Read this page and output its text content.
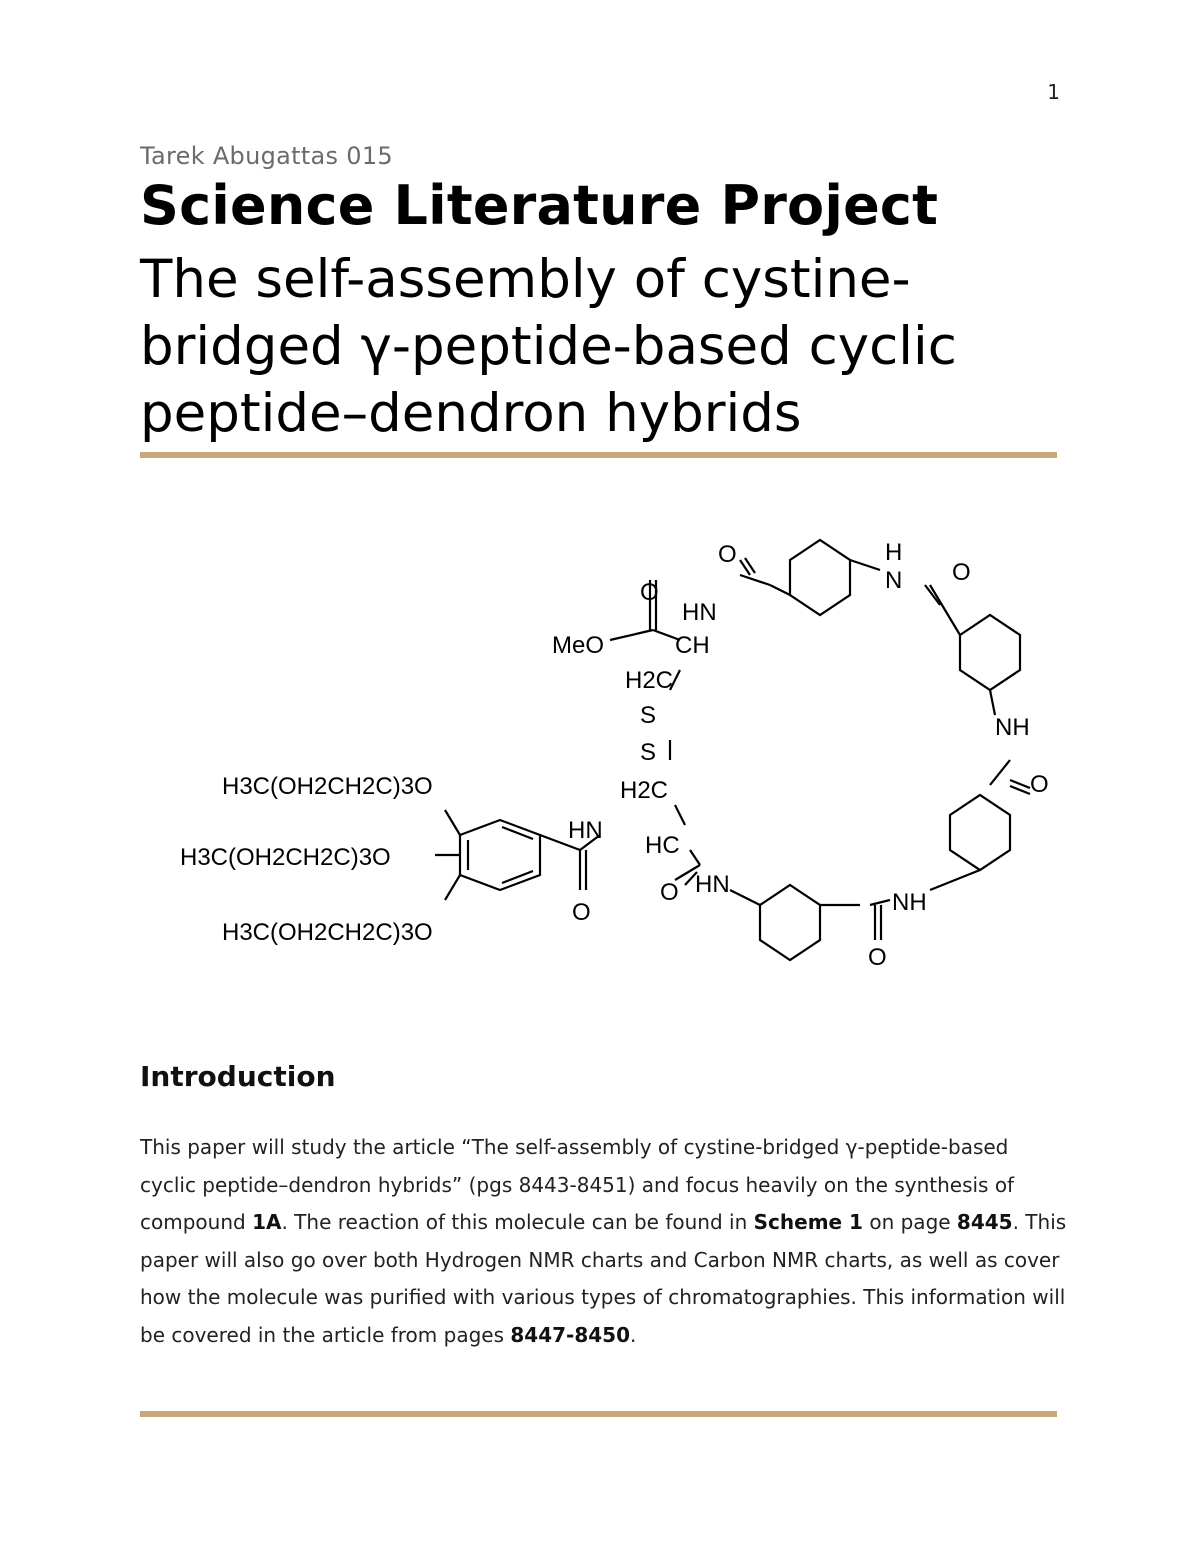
1
Tarek Abugattas 015
Science Literature Project
The self-assembly of cystine-bridged γ-peptide-based cyclic peptide–dendron hybrids
O	H
N O
O
HN
MeO	CH
H2C
S
S
NH
O
H2C
H3C(OH2CH2C)3O
H3C(OH2CH2C)3O
H3C(OH2CH2C)3O
HN
HC
O HN
O	NH
O
Introduction
This paper will study the article “The self-assembly of cystine-bridged γ-peptide-based cyclic peptide–dendron hybrids” (pgs 8443-8451) and focus heavily on the synthesis of compound 1A. The reaction of this molecule can be found in Scheme 1 on page 8445. This paper will also go over both Hydrogen NMR charts and Carbon NMR charts, as well as cover how the molecule was purified with various types of chromatographies. This information will be covered in the article from pages 8447-8450.
